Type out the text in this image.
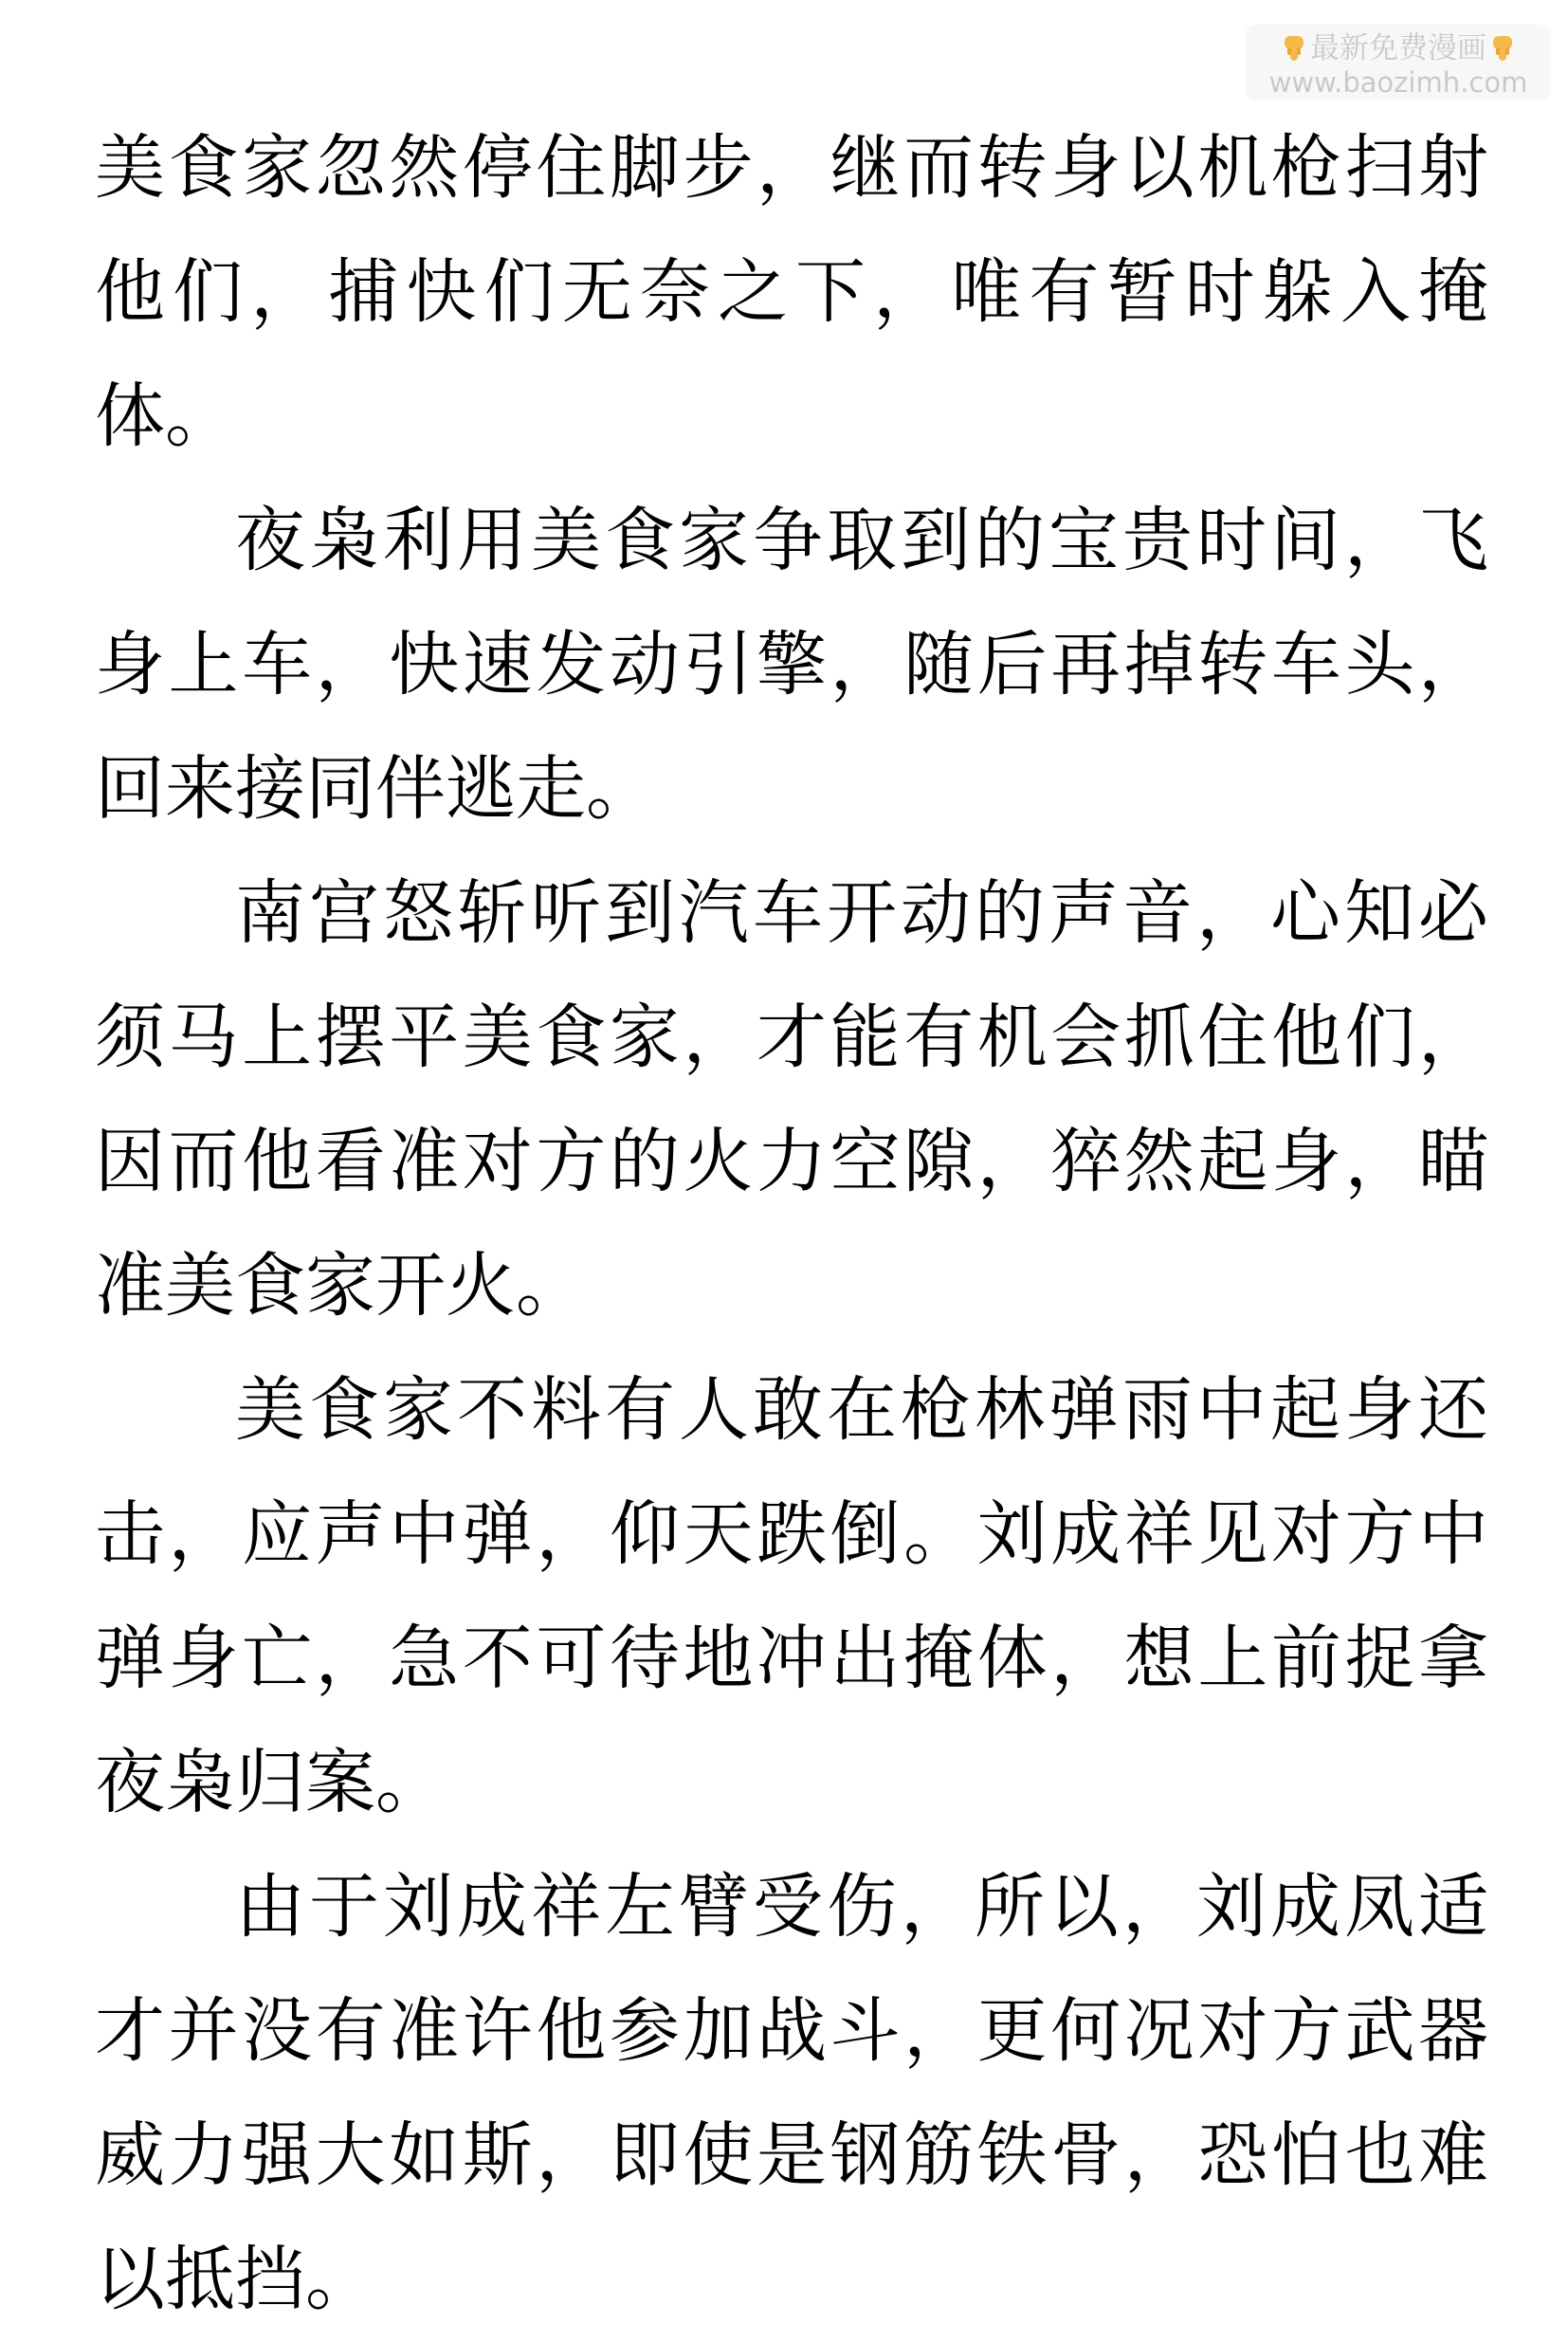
最新免费漫画
www.baozimh.com

美食家忽然停住脚步，继而转身以机枪扫射他们，捕快们无奈之下，唯有暂时躲入掩体。

夜枭利用美食家争取到的宝贵时间，飞身上车，快速发动引擎，随后再掉转车头，回来接同伴逃走。

南宫怒斩听到汽车开动的声音，心知必须马上摆平美食家，才能有机会抓住他们，因而他看准对方的火力空隙，猝然起身，瞄准美食家开火。

美食家不料有人敢在枪林弹雨中起身还击，应声中弹，仰天跌倒。刘成祥见对方中弹身亡，急不可待地冲出掩体，想上前捉拿夜枭归案。

由于刘成祥左臂受伤，所以，刘成凤适才并没有准许他参加战斗，更何况对方武器威力强大如斯，即使是钢筋铁骨，恐怕也难以抵挡。
